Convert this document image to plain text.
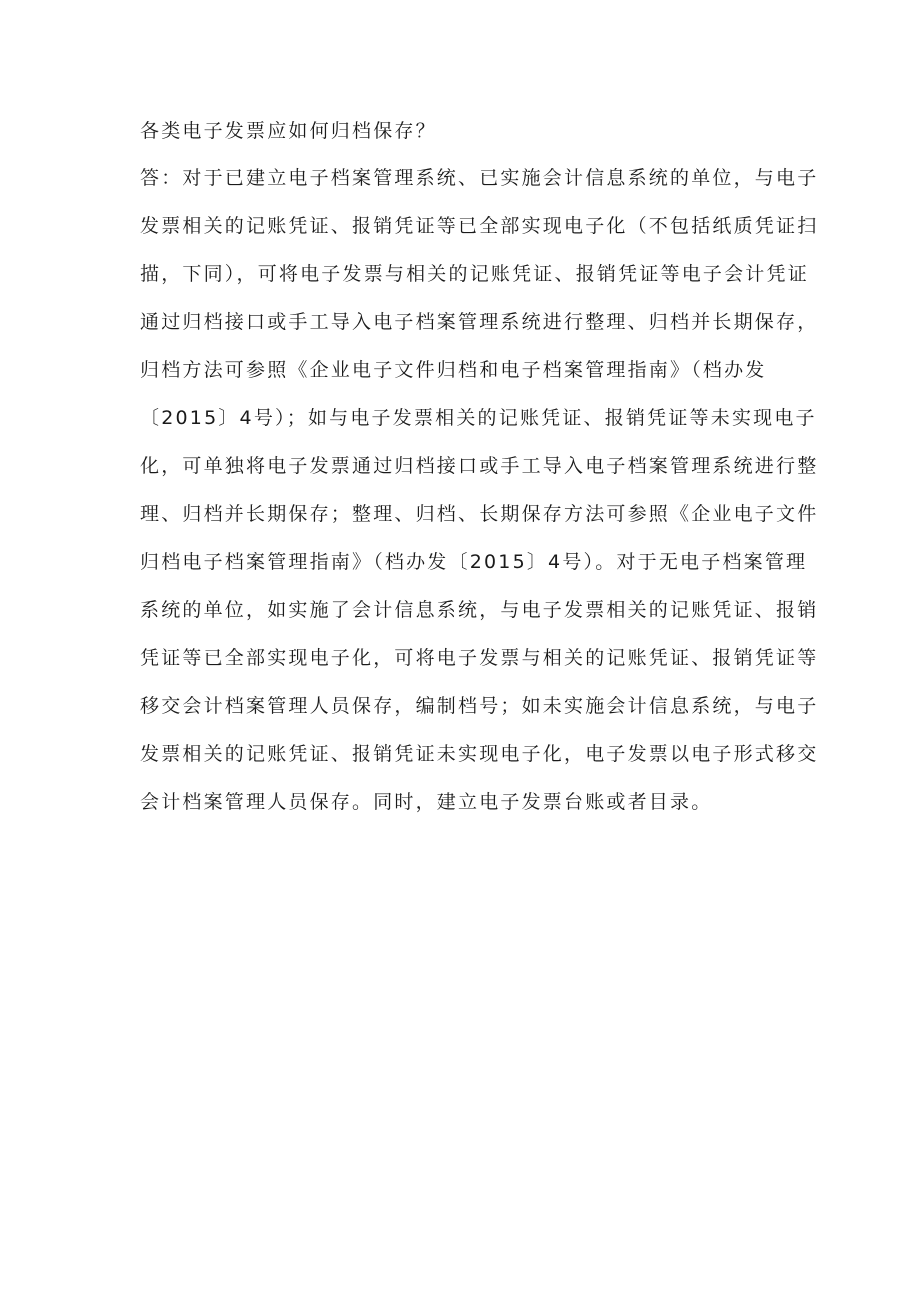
各类电子发票应如何归档保存？

答：对于已建立电子档案管理系统、已实施会计信息系统的单位，与电子

发票相关的记账凭证、报销凭证等已全部实现电子化（不包括纸质凭证扫

描，下同），可将电子发票与相关的记账凭证、报销凭证等电子会计凭证

通过归档接口或手工导入电子档案管理系统进行整理、归档并长期保存，

归档方法可参照《企业电子文件归档和电子档案管理指南》（档办发

〔2015〕4号）；如与电子发票相关的记账凭证、报销凭证等未实现电子

化，可单独将电子发票通过归档接口或手工导入电子档案管理系统进行整

理、归档并长期保存；整理、归档、长期保存方法可参照《企业电子文件

归档电子档案管理指南》（档办发〔2015〕4号）。对于无电子档案管理

系统的单位，如实施了会计信息系统，与电子发票相关的记账凭证、报销

凭证等已全部实现电子化，可将电子发票与相关的记账凭证、报销凭证等

移交会计档案管理人员保存，编制档号；如未实施会计信息系统，与电子

发票相关的记账凭证、报销凭证未实现电子化，电子发票以电子形式移交

会计档案管理人员保存。同时，建立电子发票台账或者目录。
